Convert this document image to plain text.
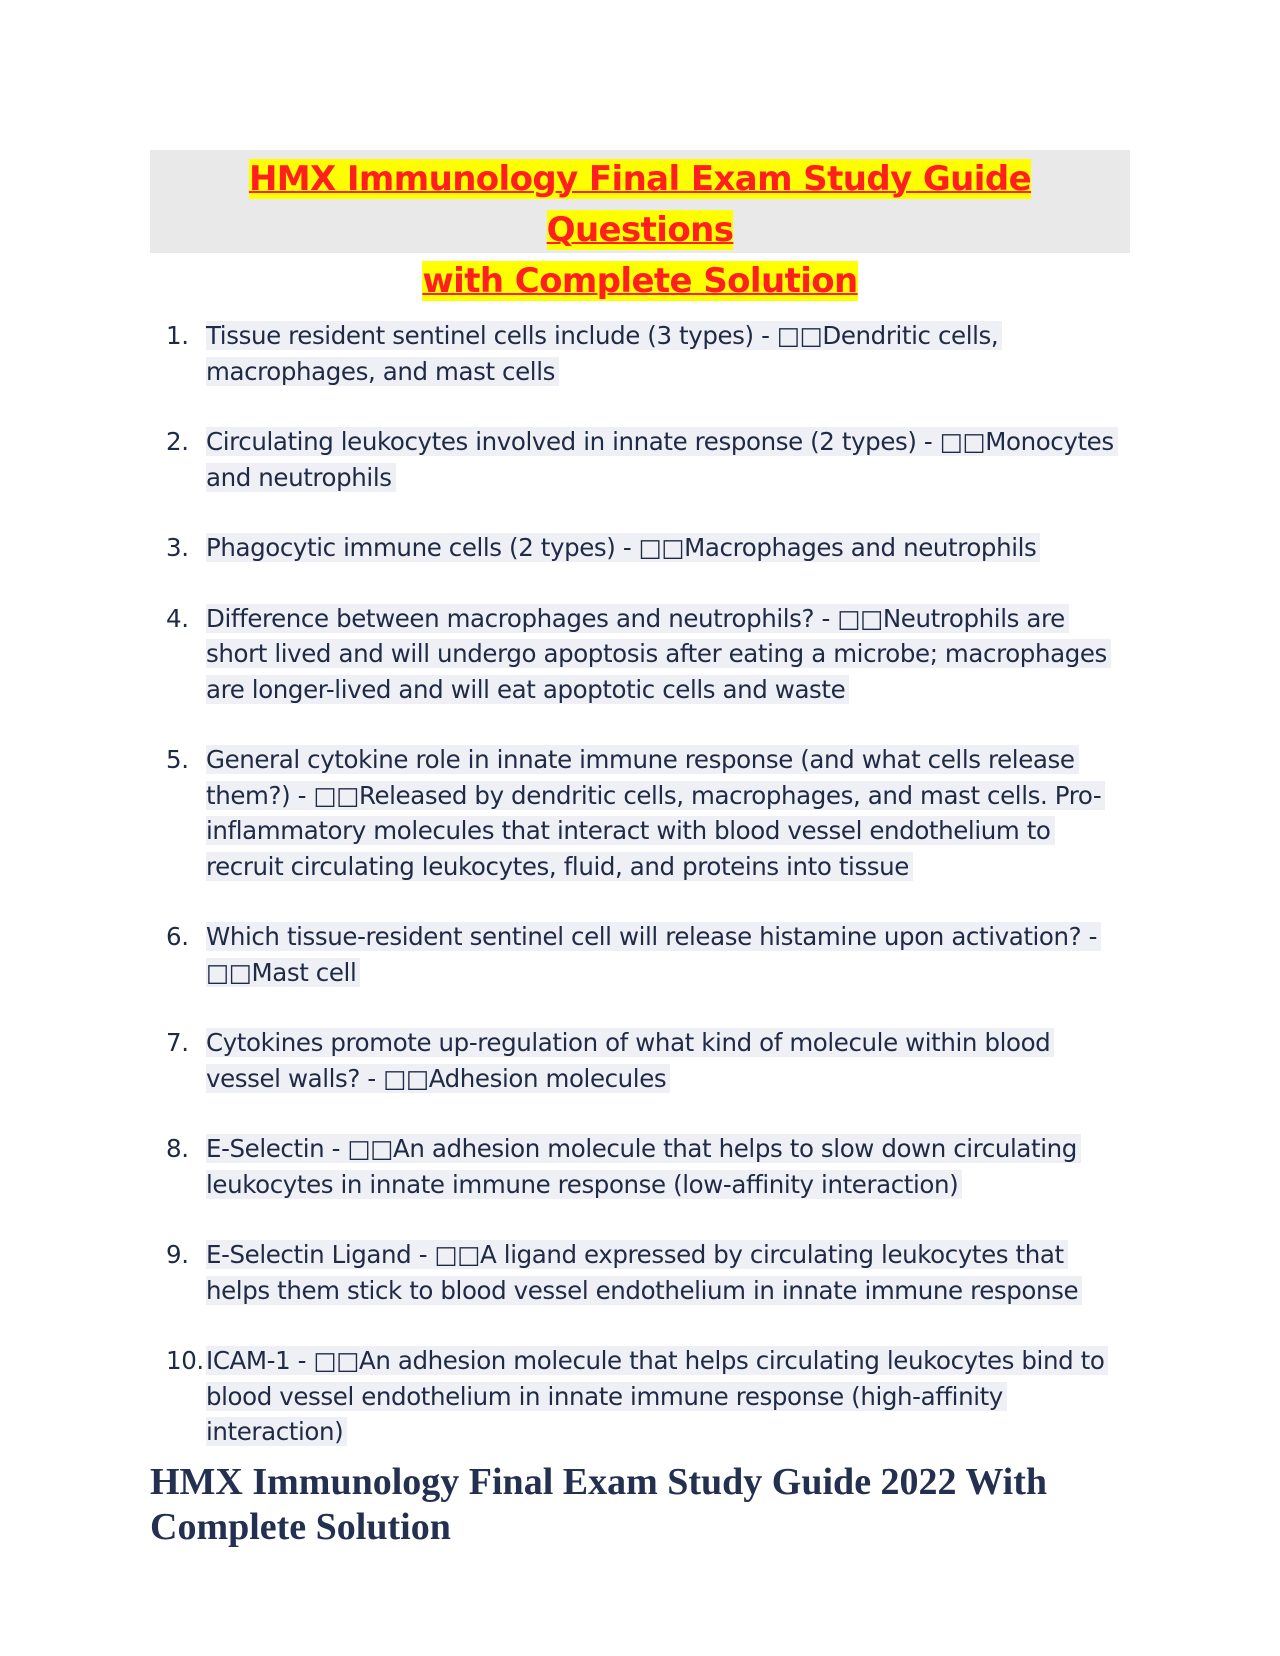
HMX Immunology Final Exam Study Guide Questions
with Complete Solution
1. Tissue resident sentinel cells include (3 types) - □□Dendritic cells, macrophages, and mast cells
2. Circulating leukocytes involved in innate response (2 types) - □□Monocytes and neutrophils
3. Phagocytic immune cells (2 types) - □□Macrophages and neutrophils
4. Difference between macrophages and neutrophils? - □□Neutrophils are short lived and will undergo apoptosis after eating a microbe; macrophages are longer-lived and will eat apoptotic cells and waste
5. General cytokine role in innate immune response (and what cells release them?) - □□Released by dendritic cells, macrophages, and mast cells. Pro-inflammatory molecules that interact with blood vessel endothelium to recruit circulating leukocytes, fluid, and proteins into tissue
6. Which tissue-resident sentinel cell will release histamine upon activation? - □□Mast cell
7. Cytokines promote up-regulation of what kind of molecule within blood vessel walls? - □□Adhesion molecules
8. E-Selectin - □□An adhesion molecule that helps to slow down circulating leukocytes in innate immune response (low-affinity interaction)
9. E-Selectin Ligand - □□A ligand expressed by circulating leukocytes that helps them stick to blood vessel endothelium in innate immune response
10. ICAM-1 - □□An adhesion molecule that helps circulating leukocytes bind to blood vessel endothelium in innate immune response (high-affinity interaction)
HMX Immunology Final Exam Study Guide 2022 With Complete Solution
